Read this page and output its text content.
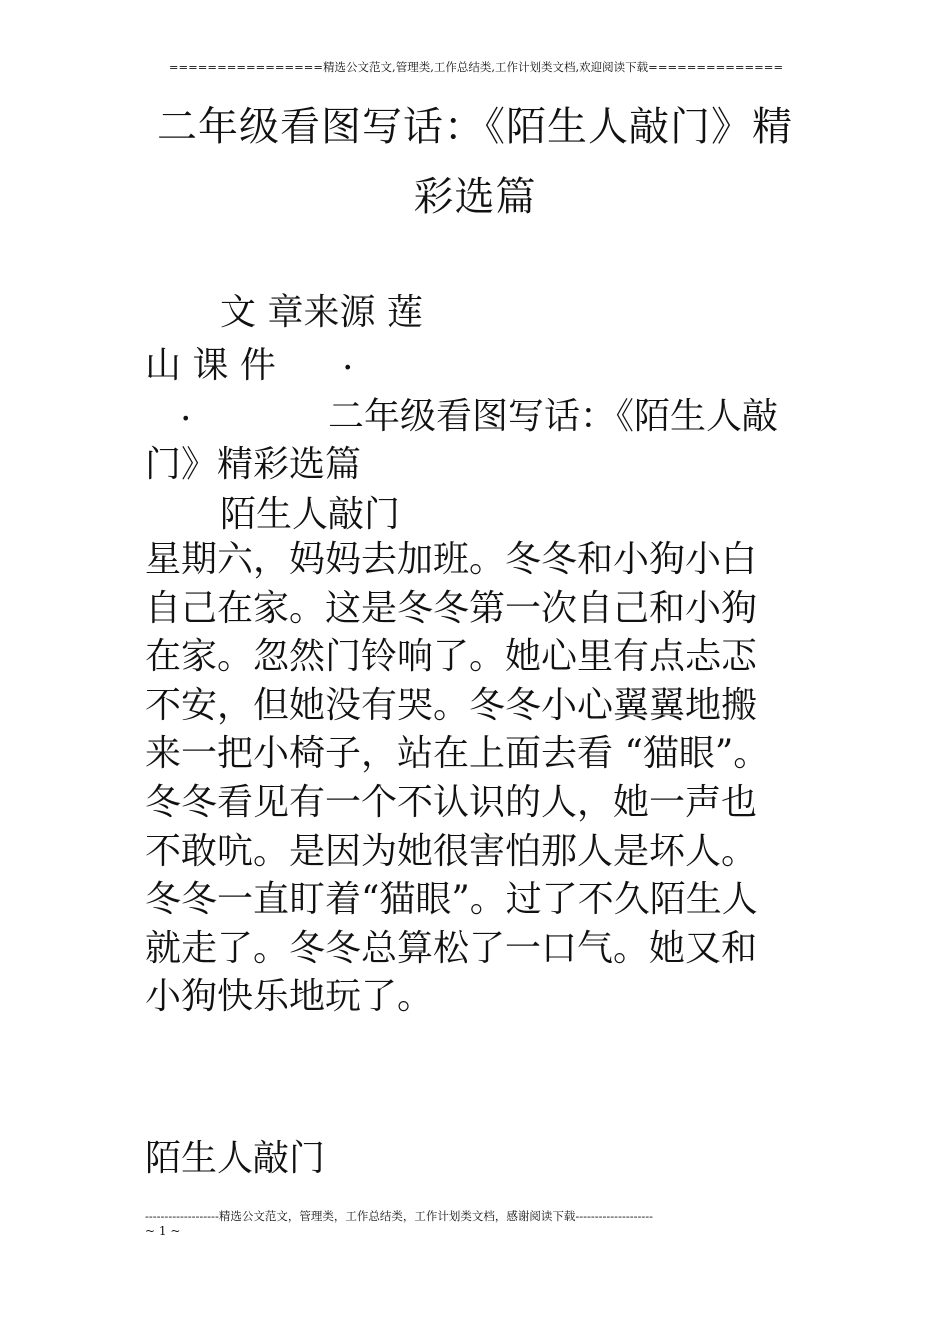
================精选公文范文,管理类,工作总结类,工作计划类文档,欢迎阅读下载==============
二年级看图写话：《陌生人敲门》精
彩选篇
文 章来源 莲
山 课 件 .
.	二年级看图写话：《陌生人敲
门》精彩选篇
陌生人敲门
星期六，妈妈去加班。冬冬和小狗小白
自己在家。这是冬冬第一次自己和小狗
在家。忽然门铃响了。她心里有点忐忑
不安，但她没有哭。冬冬小心翼翼地搬
来一把小椅子，站在上面去看 “猫眼”。
冬冬看见有一个不认识的人，她一声也
不敢吭。是因为她很害怕那人是坏人。
冬冬一直盯着“猫眼”。过了不久陌生人
就走了。冬冬总算松了一口气。她又和
小狗快乐地玩了。
陌生人敲门
-------------------精选公文范文，管理类，工作总结类，工作计划类文档，感谢阅读下载--------------------
~ 1 ~
